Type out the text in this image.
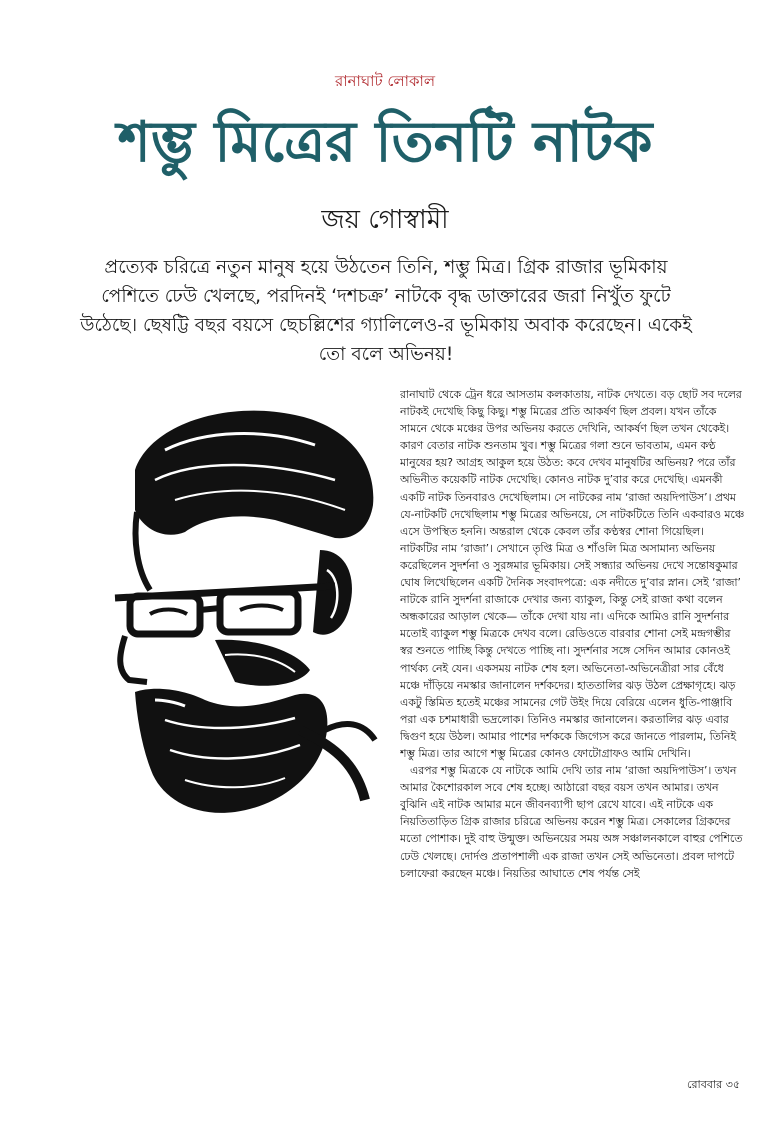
রানাঘাট লোকাল
শম্ভু মিত্রের তিনটি নাটক
জয় গোস্বামী
প্রত্যেক চরিত্রে নতুন মানুষ হয়ে উঠতেন তিনি, শম্ভু মিত্র। গ্রিক রাজার ভূমিকায় পেশিতে ঢেউ খেলছে, পরদিনই ‘দশচক্র’ নাটকে বৃদ্ধ ডাক্তারের জরা নিখুঁত ফুটে উঠেছে। ছেষট্টি বছর বয়সে ছেচল্লিশের গ্যালিলেও-র ভূমিকায় অবাক করেছেন। একেই তো বলে অভিনয়!

রানাঘাট থেকে ট্রেন ধরে আসতাম কলকাতায়, নাটক দেখতে। বড় ছোট সব দলের নাটকই দেখেছি কিছু কিছু। শম্ভু মিত্রের প্রতি আকর্ষণ ছিল প্রবল। যখন তাঁকে সামনে থেকে মঞ্চের উপর অভিনয় করতে দেখিনি, আকর্ষণ ছিল তখন থেকেই। কারণ বেতার নাটক শুনতাম খুব। শম্ভু মিত্রের গলা শুনে ভাবতাম, এমন কণ্ঠ মানুষের হয়? আগ্রহ আকুল হয়ে উঠত: কবে দেখব মানুষটির অভিনয়? পরে তাঁর অভিনীত কয়েকটি নাটক দেখেছি। কোনও নাটক দু’বার করে দেখেছি। এমনকী একটি নাটক তিনবারও দেখেছিলাম। সে নাটকের নাম ‘রাজা অয়দিপাউস’। প্রথম যে-নাটকটি দেখেছিলাম শম্ভু মিত্রের অভিনয়ে, সে নাটকটিতে তিনি একবারও মঞ্চে এসে উপস্থিত হননি। অন্তরাল থেকে কেবল তাঁর কণ্ঠস্বর শোনা গিয়েছিল। নাটকটির নাম ‘রাজা’। সেখানে তৃপ্তি মিত্র ও শাঁওলি মিত্র অসামান্য অভিনয় করেছিলেন সুদর্শনা ও সুরঙ্গমার ভূমিকায়। সেই সন্ধ্যার অভিনয় দেখে সন্তোষকুমার ঘোষ লিখেছিলেন একটি দৈনিক সংবাদপত্রে: এক নদীতে দু’বার স্নান। সেই ‘রাজা’ নাটকে রানি সুদর্শনা রাজাকে দেখার জন্য ব্যাকুল, কিন্তু সেই রাজা কথা বলেন অন্ধকারের আড়াল থেকে— তাঁকে দেখা যায় না। এদিকে আমিও রানি সুদর্শনার মতোই ব্যাকুল শম্ভু মিত্রকে দেখব বলে। রেডিওতে বারবার শোনা সেই মন্দ্রগম্ভীর স্বর শুনতে পাচ্ছি কিন্তু দেখতে পাচ্ছি না। সুদর্শনার সঙ্গে সেদিন আমার কোনওই পার্থক্য নেই যেন। একসময় নাটক শেষ হল। অভিনেতা-অভিনেত্রীরা সার বেঁধে মঞ্চে দাঁড়িয়ে নমস্কার জানালেন দর্শকদের। হাততালির ঝড় উঠল প্রেক্ষাগৃহে। ঝড় একটু স্তিমিত হতেই মঞ্চের সামনের গেট উইং দিয়ে বেরিয়ে এলেন ধুতি-পাঞ্জাবি পরা এক চশমাধারী ভদ্রলোক। তিনিও নমস্কার জানালেন। করতালির ঝড় এবার দ্বিগুণ হয়ে উঠল। আমার পাশের দর্শককে জিগ্যেস করে জানতে পারলাম, তিনিই শম্ভু মিত্র। তার আগে শম্ভু মিত্রের কোনও ফোটোগ্রাফও আমি দেখিনি।

এরপর শম্ভু মিত্রকে যে নাটকে আমি দেখি তার নাম ‘রাজা অয়দিপাউস’। তখন আমার কৈশোরকাল সবে শেষ হচ্ছে। আঠারো বছর বয়স তখন আমার। তখন বুঝিনি এই নাটক আমার মনে জীবনব্যাপী ছাপ রেখে যাবে। এই নাটকে এক নিয়তিতাড়িত গ্রিক রাজার চরিত্রে অভিনয় করেন শম্ভু মিত্র। সেকালের গ্রিকদের মতো পোশাক। দুই বাহু উন্মুক্ত। অভিনয়ের সময় অঙ্গ সঞ্চালনকালে বাহুর পেশিতে ঢেউ খেলছে। দোর্দণ্ড প্রতাপশালী এক রাজা তখন সেই অভিনেতা। প্রবল দাপটে চলাফেরা করছেন মঞ্চে। নিয়তির আঘাতে শেষ পর্যন্ত সেই

রোববার ৩৫
